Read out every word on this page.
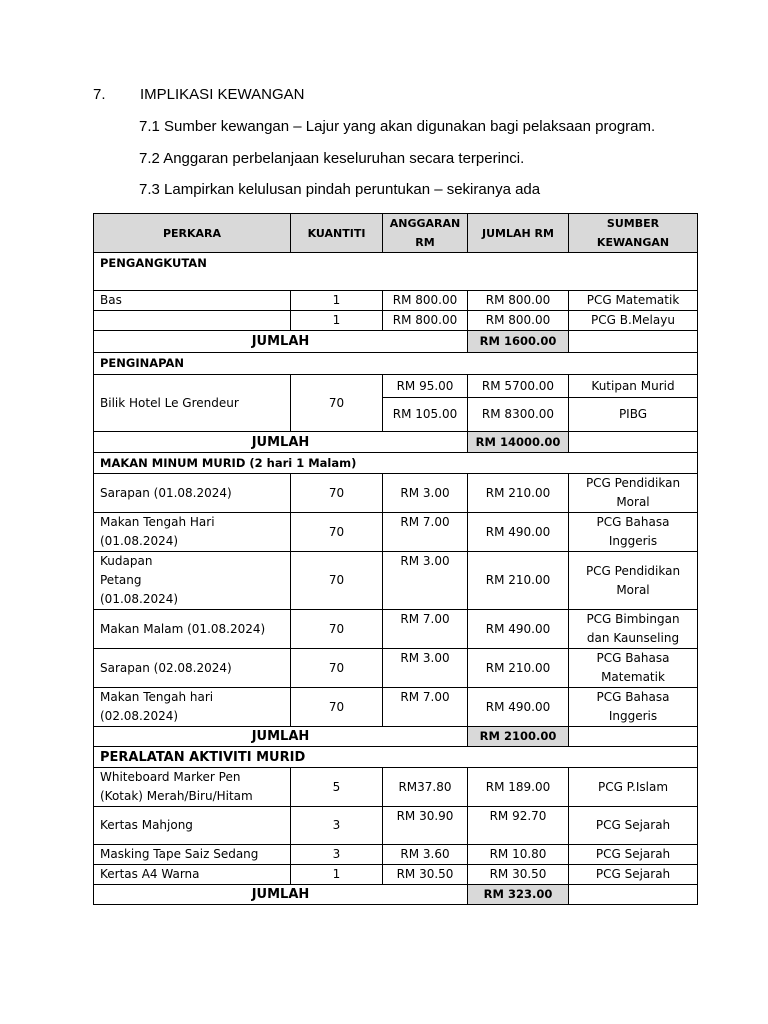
7. IMPLIKASI KEWANGAN
7.1 Sumber kewangan – Lajur yang akan digunakan bagi pelaksaan program.
7.2 Anggaran perbelanjaan keseluruhan secara terperinci.
7.3 Lampirkan kelulusan pindah peruntukan – sekiranya ada
PERKARA	KUANTITI	ANGGARAN RM	JUMLAH RM	SUMBER KEWANGAN
PENGANGKUTAN				
Bas	1	RM 800.00	RM 800.00	PCG Matematik
	1	RM 800.00	RM 800.00	PCG B.Melayu
JUMLAH			RM 1600.00	
PENGINAPAN				
Bilik Hotel Le Grendeur	70	RM 95.00	RM 5700.00	Kutipan Murid
		RM 105.00	RM 8300.00	PIBG
JUMLAH			RM 14000.00	
MAKAN MINUM MURID (2 hari 1 Malam)				
Sarapan (01.08.2024)	70	RM 3.00	RM 210.00	PCG Pendidikan Moral
Makan Tengah Hari (01.08.2024)	70	RM 7.00	RM 490.00	PCG Bahasa Inggeris
Kudapan Petang (01.08.2024)	70	RM 3.00	RM 210.00	PCG Pendidikan Moral
Makan Malam (01.08.2024)	70	RM 7.00	RM 490.00	PCG Bimbingan dan Kaunseling
Sarapan (02.08.2024)	70	RM 3.00	RM 210.00	PCG Bahasa Matematik
Makan Tengah hari (02.08.2024)	70	RM 7.00	RM 490.00	PCG Bahasa Inggeris
JUMLAH			RM 2100.00	
PERALATAN AKTIVITI MURID				
Whiteboard Marker Pen (Kotak) Merah/Biru/Hitam	5	RM37.80	RM 189.00	PCG P.Islam
Kertas Mahjong	3	RM 30.90	RM 92.70	PCG Sejarah
Masking Tape Saiz Sedang	3	RM 3.60	RM 10.80	PCG Sejarah
Kertas A4 Warna	1	RM 30.50	RM 30.50	PCG Sejarah
JUMLAH			RM 323.00	
